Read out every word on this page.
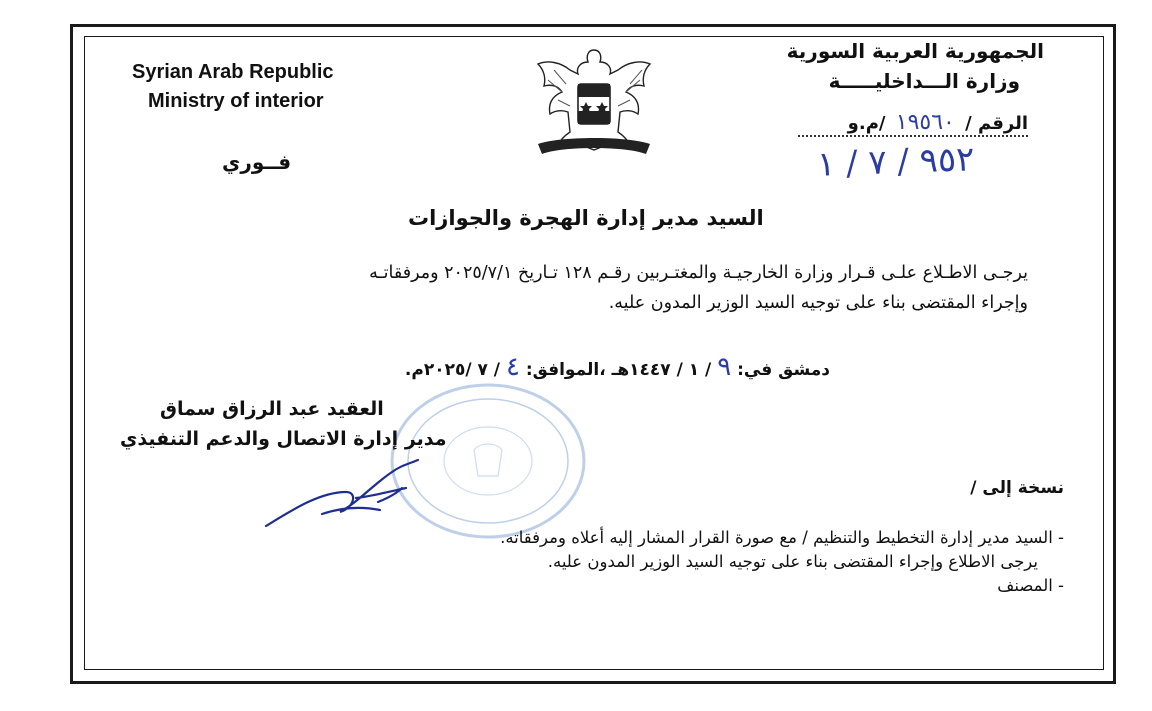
Syrian Arab Republic
Ministry of interior
الجمهورية العربية السورية
وزارة الـــداخليـــــة
الرقم / ١٩٥٦٠ /م.و
٩٥٢ / ٧ / ١
فــوري
السيد مدير إدارة الهجرة والجوازات
يرجـى الاطـلاع علـى قـرار وزارة الخارجيـة والمغتـربين رقـم ١٢٨ تـاريخ ٢٠٢٥/٧/١ ومرفقاتـه
وإجراء المقتضى بناء على توجيه السيد الوزير المدون عليه.
دمشق في: ٩ / ١ / ١٤٤٧هـ ،الموافق: ٤ / ٧ /٢٠٢٥م.
العقيد عبد الرزاق سماق
مدير إدارة الاتصال والدعم التنفيذي
نسخة إلى /
- السيد مدير إدارة التخطيط والتنظيم / مع صورة القرار المشار إليه أعلاه ومرفقاته.
يرجى الاطلاع وإجراء المقتضى بناء على توجيه السيد الوزير المدون عليه.
- المصنف
